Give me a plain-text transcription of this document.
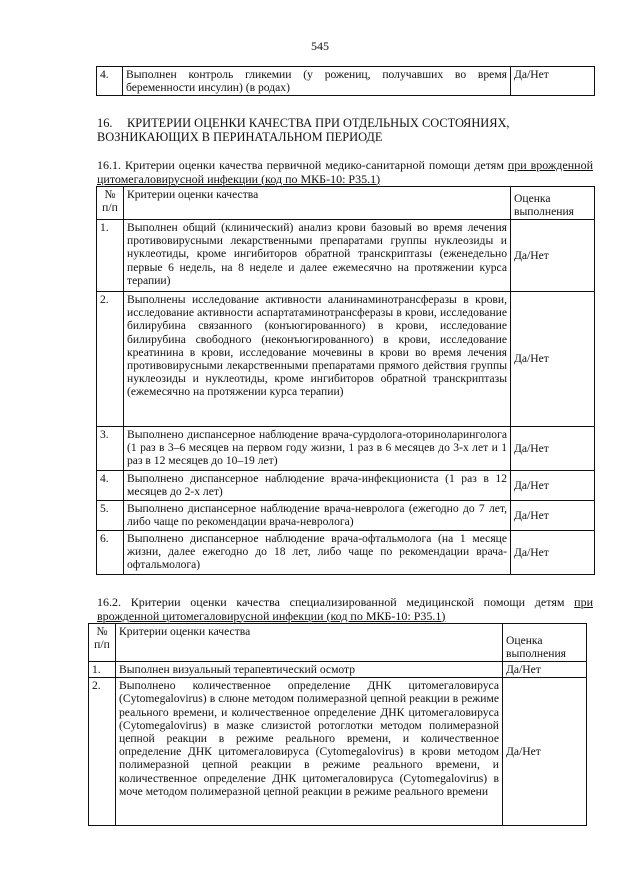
545
4.	Выполнен контроль гликемии (у рожениц, получавших во время беременности инсулин) (в родах)	Да/Нет
16. КРИТЕРИИ ОЦЕНКИ КАЧЕСТВА ПРИ ОТДЕЛЬНЫХ СОСТОЯНИЯХ, ВОЗНИКАЮЩИХ В ПЕРИНАТАЛЬНОМ ПЕРИОДЕ
16.1. Критерии оценки качества первичной медико-санитарной помощи детям при врожденной цитомегаловирусной инфекции (код по МКБ-10: P35.1)
№ п/п	Критерии оценки качества	Оценка выполнения
1.	Выполнен общий (клинический) анализ крови базовый во время лечения противовирусными лекарственными препаратами группы нуклеозиды и нуклеотиды, кроме ингибиторов обратной транскриптазы (еженедельно первые 6 недель, на 8 неделе и далее ежемесячно на протяжении курса терапии)	Да/Нет
2.	Выполнены исследование активности аланинаминотрансферазы в крови, исследование активности аспартатаминотрансферазы в крови, исследование билирубина связанного (конъюгированного) в крови, исследование билирубина свободного (неконъюгированного) в крови, исследование креатинина в крови, исследование мочевины в крови во время лечения противовирусными лекарственными препаратами прямого действия группы нуклеозиды и нуклеотиды, кроме ингибиторов обратной транскриптазы (ежемесячно на протяжении курса терапии)	Да/Нет
3.	Выполнено диспансерное наблюдение врача-сурдолога-оториноларинголога (1 раз в 3–6 месяцев на первом году жизни, 1 раз в 6 месяцев до 3-х лет и 1 раз в 12 месяцев до 10–19 лет)	Да/Нет
4.	Выполнено диспансерное наблюдение врача-инфекциониста (1 раз в 12 месяцев до 2-х лет)	Да/Нет
5.	Выполнено диспансерное наблюдение врача-невролога (ежегодно до 7 лет, либо чаще по рекомендации врача-невролога)	Да/Нет
6.	Выполнено диспансерное наблюдение врача-офтальмолога (на 1 месяце жизни, далее ежегодно до 18 лет, либо чаще по рекомендации врача-офтальмолога)	Да/Нет
16.2. Критерии оценки качества специализированной медицинской помощи детям при врожденной цитомегаловирусной инфекции (код по МКБ-10: P35.1)
№ п/п	Критерии оценки качества	Оценка выполнения
1.	Выполнен визуальный терапевтический осмотр	Да/Нет
2.	Выполнено количественное определение ДНК цитомегаловируса (Cytomegalovirus) в слюне методом полимеразной цепной реакции в режиме реального времени, и количественное определение ДНК цитомегаловируса (Cytomegalovirus) в мазке слизистой ротоглотки методом полимеразной цепной реакции в режиме реального времени, и количественное определение ДНК цитомегаловируса (Cytomegalovirus) в крови методом полимеразной цепной реакции в режиме реального времени, и количественное определение ДНК цитомегаловируса (Cytomegalovirus) в моче методом полимеразной цепной реакции в режиме реального времени	Да/Нет
